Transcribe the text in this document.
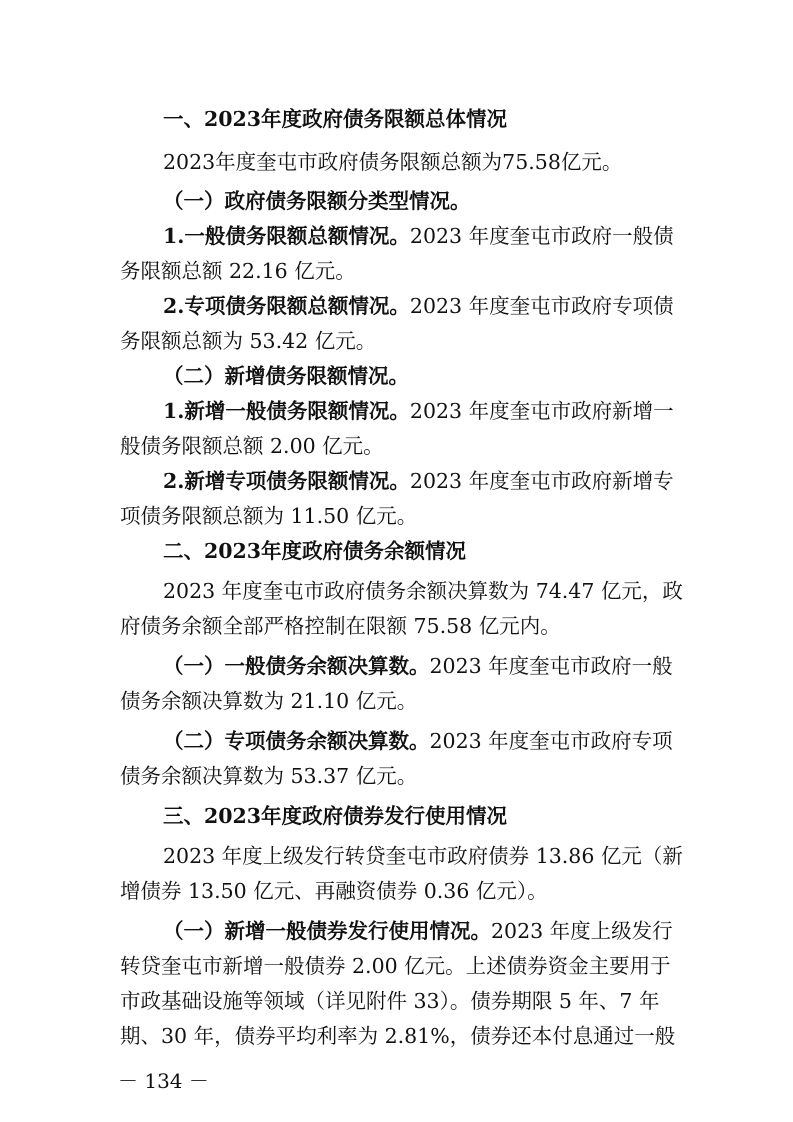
一、2023年度政府债务限额总体情况
2023年度奎屯市政府债务限额总额为75.58亿元。
（一）政府债务限额分类型情况。
1.一般债务限额总额情况。2023 年度奎屯市政府一般债
务限额总额 22.16 亿元。
2.专项债务限额总额情况。2023 年度奎屯市政府专项债
务限额总额为 53.42 亿元。
（二）新增债务限额情况。
1.新增一般债务限额情况。2023 年度奎屯市政府新增一
般债务限额总额 2.00 亿元。
2.新增专项债务限额情况。2023 年度奎屯市政府新增专
项债务限额总额为 11.50 亿元。
二、2023年度政府债务余额情况
2023 年度奎屯市政府债务余额决算数为 74.47 亿元，政
府债务余额全部严格控制在限额 75.58 亿元内。
（一）一般债务余额决算数。2023 年度奎屯市政府一般
债务余额决算数为 21.10 亿元。
（二）专项债务余额决算数。2023 年度奎屯市政府专项
债务余额决算数为 53.37 亿元。
三、2023年度政府债券发行使用情况
2023 年度上级发行转贷奎屯市政府债券 13.86 亿元（新
增债券 13.50 亿元、再融资债券 0.36 亿元）。
（一）新增一般债券发行使用情况。2023 年度上级发行
转贷奎屯市新增一般债券 2.00 亿元。上述债券资金主要用于
市政基础设施等领域（详见附件 33）。债券期限 5 年、7 年
期、30 年，债券平均利率为 2.81%，债券还本付息通过一般
－ 134 －
